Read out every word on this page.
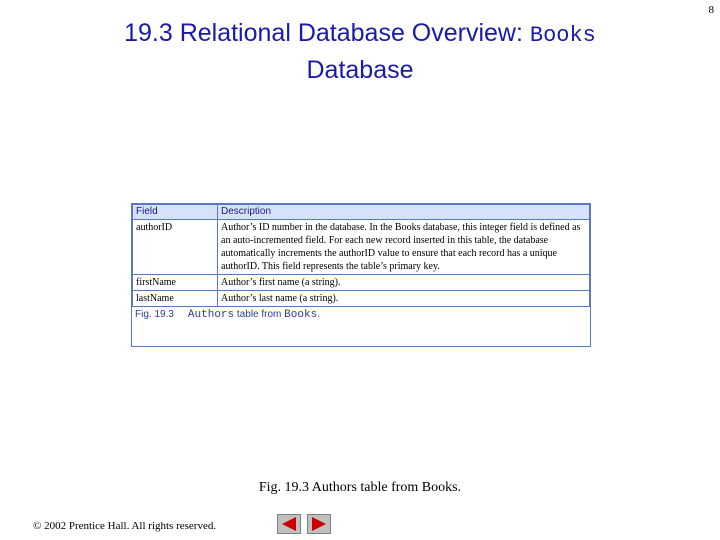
19.3 Relational Database Overview: Books
Database
8
Field	Description
authorID	Author’s ID number in the database. In the Books database, this integer field is defined as an auto-incremented field. For each new record inserted in this table, the database automatically increments the authorID value to ensure that each record has a unique authorID. This field represents the table’s primary key.
firstName	Author’s first name (a string).
lastName	Author’s last name (a string).
Fig. 19.3 Authors table from Books.
Fig. 19.3 Authors table from Books.
© 2002 Prentice Hall. All rights reserved.
